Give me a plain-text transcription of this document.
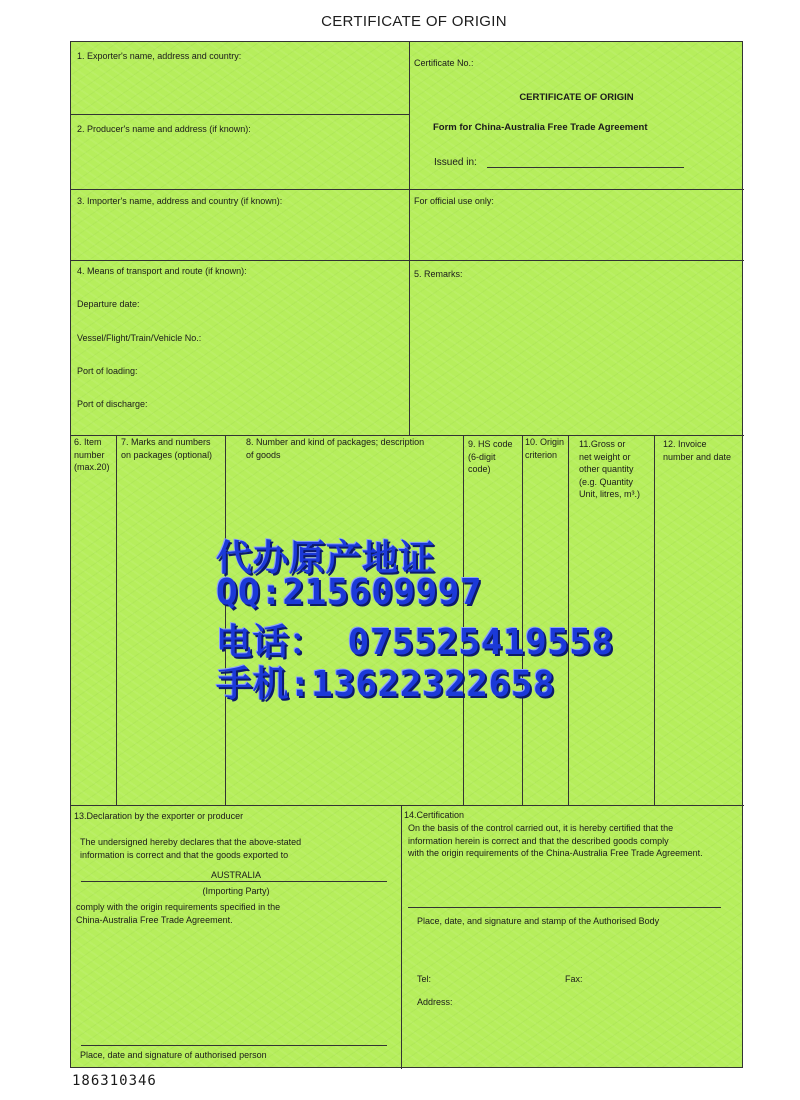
CERTIFICATE OF ORIGIN
1. Exporter's name, address and country:
2. Producer's name and address (if known):
Certificate No.:
CERTIFICATE OF ORIGIN
Form for China-Australia Free Trade Agreement
Issued in:
3. Importer's name, address and country (if known):	For official use only:
4. Means of transport and route (if known):
Departure date:
Vessel/Flight/Train/Vehicle No.:
Port of loading:
Port of discharge:
5. Remarks:
6. Item
number
(max.20)
7. Marks and numbers
on packages (optional)
8. Number and kind of packages; description
of goods
9. HS code
(6-digit
code)
10. Origin
criterion
11.Gross or
net weight or
other quantity
(e.g. Quantity
Unit, litres, m³.)
12. Invoice
number and date
13.Declaration by the exporter or producer
The undersigned hereby declares that the above-stated
information is correct and that the goods exported to
AUSTRALIA
(Importing Party)
comply with the origin requirements specified in the
China-Australia Free Trade Agreement.
Place, date and signature of authorised person
14.Certification
On the basis of the control carried out, it is hereby certified that the
information herein is correct and that the described goods comply
with the origin requirements of the China-Australia Free Trade Agreement.
Place, date, and signature and stamp of the Authorised Body
Tel:	Fax:
Address:
代办原产地证
QQ:215609997
电话： 075525419558
手机:13622322658
186310346
